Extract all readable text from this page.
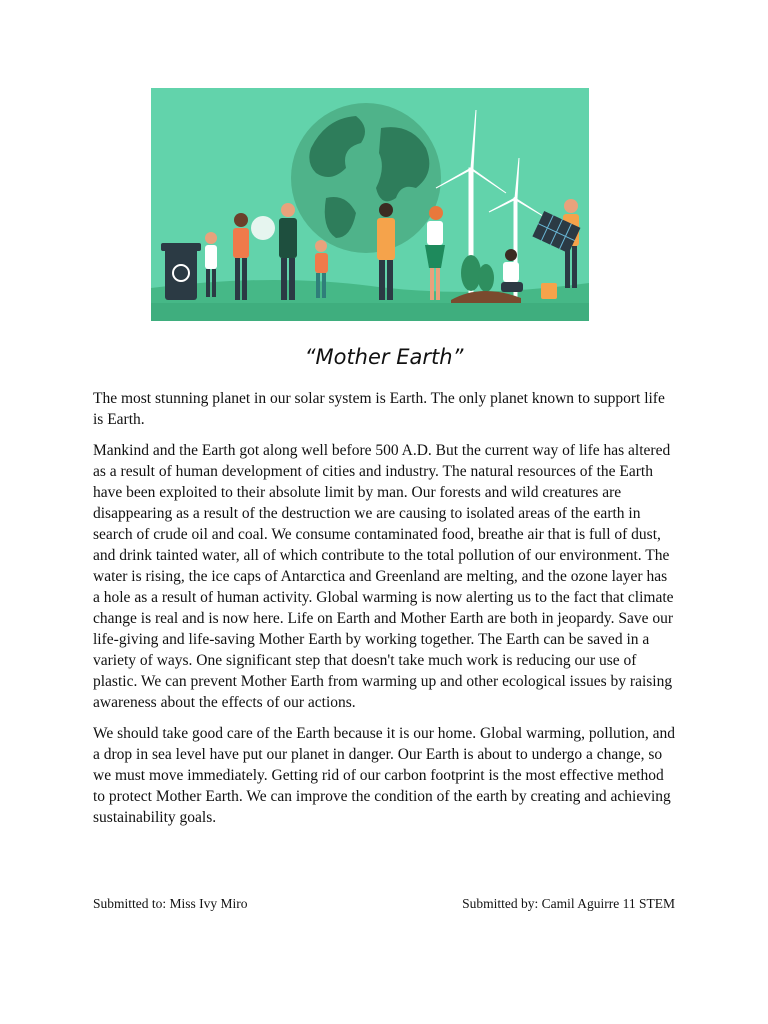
“Mother Earth”

The most stunning planet in our solar system is Earth. The only planet known to support life is Earth.

Mankind and the Earth got along well before 500 A.D. But the current way of life has altered as a result of human development of cities and industry. The natural resources of the Earth have been exploited to their absolute limit by man. Our forests and wild creatures are disappearing as a result of the destruction we are causing to isolated areas of the earth in search of crude oil and coal. We consume contaminated food, breathe air that is full of dust, and drink tainted water, all of which contribute to the total pollution of our environment. The water is rising, the ice caps of Antarctica and Greenland are melting, and the ozone layer has a hole as a result of human activity. Global warming is now alerting us to the fact that climate change is real and is now here. Life on Earth and Mother Earth are both in jeopardy. Save our life-giving and life-saving Mother Earth by working together. The Earth can be saved in a variety of ways. One significant step that doesn't take much work is reducing our use of plastic. We can prevent Mother Earth from warming up and other ecological issues by raising awareness about the effects of our actions.

We should take good care of the Earth because it is our home. Global warming, pollution, and a drop in sea level have put our planet in danger. Our Earth is about to undergo a change, so we must move immediately. Getting rid of our carbon footprint is the most effective method to protect Mother Earth. We can improve the condition of the earth by creating and achieving sustainability goals.

Submitted to: Miss Ivy Miro	Submitted by: Camil Aguirre 11 STEM
